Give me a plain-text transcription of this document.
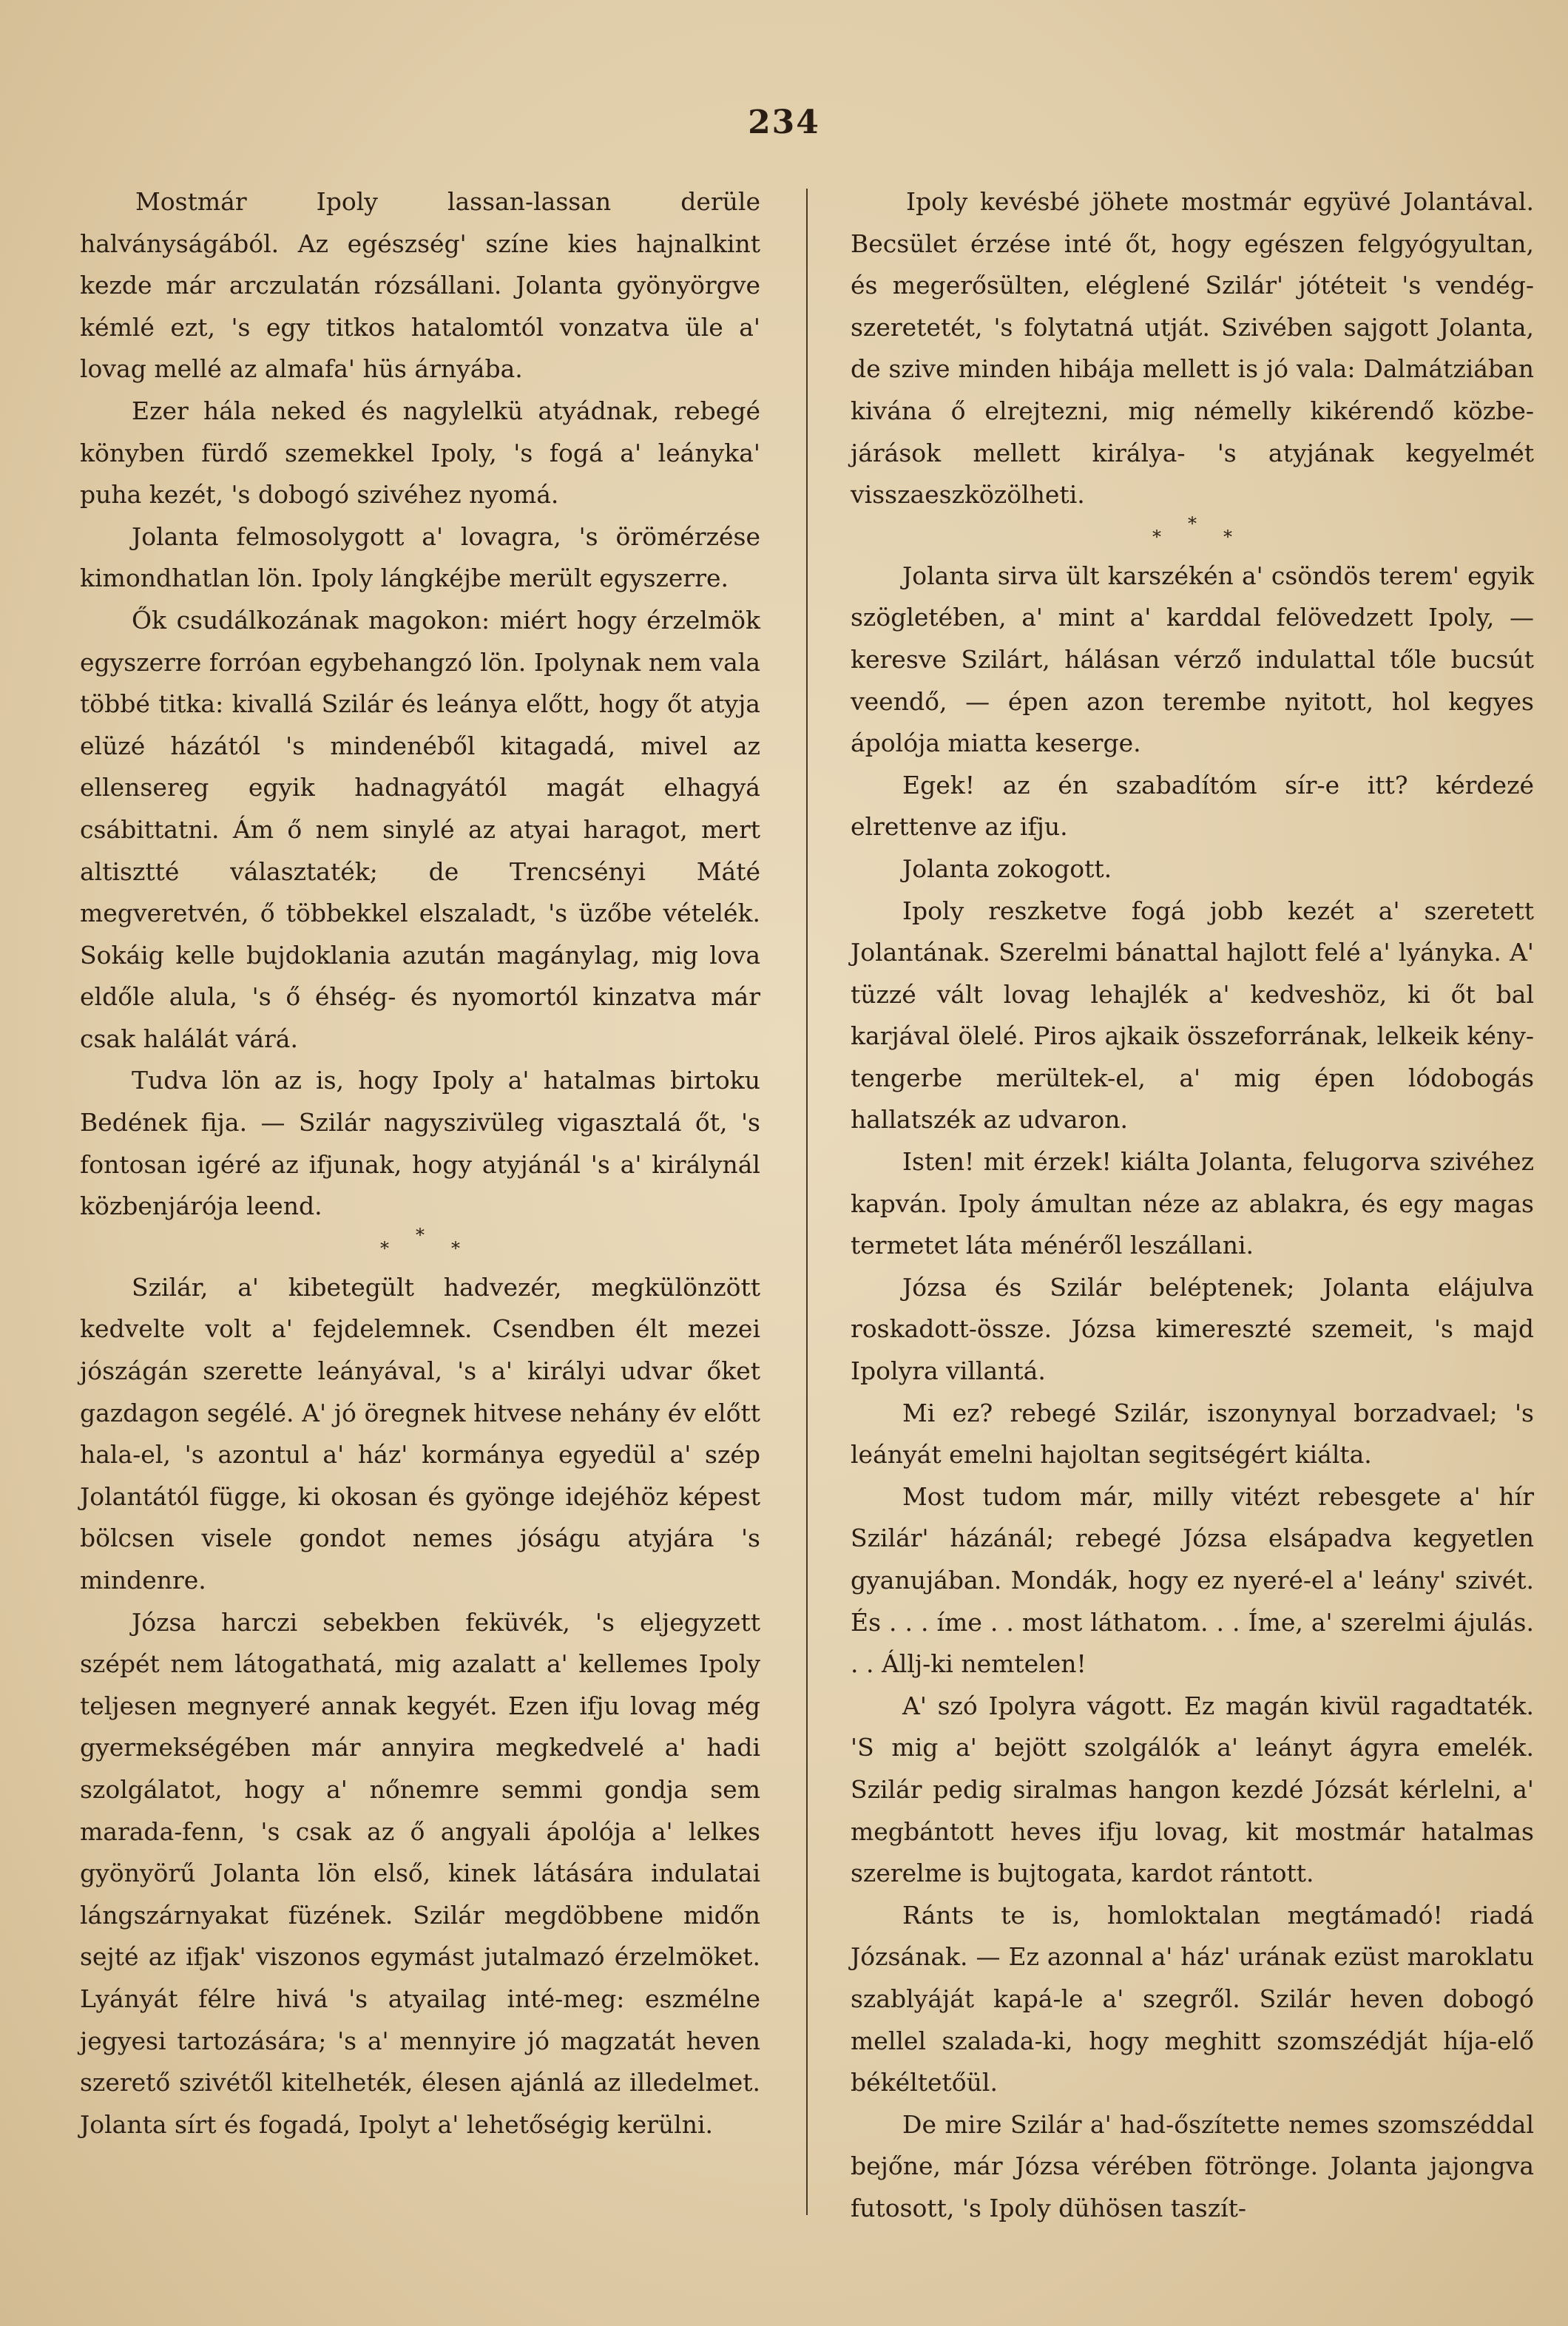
234

Mostmár Ipoly lassan-lassan derüle halványságából. Az egészség' színe kies hajnalkint kezde már arczulatán rózsállani. Jolanta gyönyörgve kémlé ezt, 's egy titkos hatalomtól vonzatva üle a' lovag mellé az almafa' hüs árnyába.

Ezer hála neked és nagylelkü atyádnak, rebegé könyben fürdő szemekkel Ipoly, 's fogá a' leányka' puha kezét, 's dobogó szivéhez nyomá.

Jolanta felmosolygott a' lovagra, 's örömérzése kimondhatlan lön. Ipoly lángkéjbe merült egyszerre.

Ők csudálkozának magokon: miért hogy érzelmök egyszerre forróan egybehangzó lön. Ipolynak nem vala többé titka: kivallá Szilár és leánya előtt, hogy őt atyja elüzé házától 's mindenéből kitagadá, mivel az ellensereg egyik hadnagyától magát elhagyá csábittatni. Ám ő nem sinylé az atyai haragot, mert altisztté választaték; de Trencsényi Máté megveretvén, ő többekkel elszaladt, 's üzőbe vételék. Sokáig kelle bujdoklania azután magánylag, mig lova eldőle alula, 's ő éhség- és nyomortól kinzatva már csak halálát várá.

Tudva lön az is, hogy Ipoly a' hatalmas birtoku Bedének fija. — Szilár nagyszivüleg vigasztalá őt, 's fontosan igéré az ifjunak, hogy atyjánál 's a' királynál közbenjárója leend.

***

Szilár, a' kibetegült hadvezér, megkülönzött kedvelte volt a' fejdelemnek. Csendben élt mezei jószágán szerette leányával, 's a' királyi udvar őket gazdagon segélé. A' jó öregnek hitvese nehány év előtt hala-el, 's azontul a' ház' kormánya egyedül a' szép Jolantától függe, ki okosan és gyönge idejéhöz képest bölcsen visele gondot nemes jóságu atyjára 's mindenre.

Józsa harczi sebekben feküvék, 's eljegyzett szépét nem látogathatá, mig azalatt a' kellemes Ipoly teljesen megnyeré annak kegyét. Ezen ifju lovag még gyermekségében már annyira megkedvelé a' hadi szolgálatot, hogy a' nőnemre semmi gondja sem marada-fenn, 's csak az ő angyali ápolója a' lelkes gyönyörű Jolanta lön első, kinek látására indulatai lángszárnyakat füzének. Szilár megdöbbene midőn sejté az ifjak' viszonos egymást jutalmazó érzelmöket. Lyányát félre hivá 's atyailag inté-meg: eszmélne jegyesi tartozására; 's a' mennyire jó magzatát heven szerető szivétől kitelheték, élesen ajánlá az illedelmet. Jolanta sírt és fogadá, Ipolyt a' lehetőségig kerülni.

Ipoly kevésbé jöhete mostmár együvé Jolantával. Becsület érzése inté őt, hogy egészen felgyógyultan, és megerősülten, eléglené Szilár' jótéteit 's vendég-szeretetét, 's folytatná utját. Szivében sajgott Jolanta, de szive minden hibája mellett is jó vala: Dalmátziában kivána ő elrejtezni, mig némelly kikérendő közbe-járások mellett királya- 's atyjának kegyelmét visszaeszközölheti.

***

Jolanta sirva ült karszékén a' csöndös terem' egyik szögletében, a' mint a' karddal felövedzett Ipoly, — keresve Szilárt, hálásan vérző indulattal tőle bucsút veendő, — épen azon terembe nyitott, hol kegyes ápolója miatta keserge.

Egek! az én szabadítóm sír-e itt? kérdezé elrettenve az ifju.

Jolanta zokogott.

Ipoly reszketve fogá jobb kezét a' szeretett Jolantának. Szerelmi bánattal hajlott felé a' lyányka. A' tüzzé vált lovag lehajlék a' kedveshöz, ki őt bal karjával ölelé. Piros ajkaik összeforrának, lelkeik kény-tengerbe merültek-el, a' mig épen lódobogás hallatszék az udvaron.

Isten! mit érzek! kiálta Jolanta, felugorva szivéhez kapván. Ipoly ámultan néze az ablakra, és egy magas termetet láta ménéről leszállani.

Józsa és Szilár beléptenek; Jolanta elájulva roskadott-össze. Józsa kimereszté szemeit, 's majd Ipolyra villantá.

Mi ez? rebegé Szilár, iszonynyal borzadvael; 's leányát emelni hajoltan segitségért kiálta.

Most tudom már, milly vitézt rebesgete a' hír Szilár' házánál; rebegé Józsa elsápadva kegyetlen gyanujában. Mondák, hogy ez nyeré-el a' leány' szivét. És . . . íme . . most láthatom. . . Íme, a' szerelmi ájulás. . . Állj-ki nemtelen!

A' szó Ipolyra vágott. Ez magán kivül ragadtaték. 'S mig a' bejött szolgálók a' leányt ágyra emelék. Szilár pedig siralmas hangon kezdé Józsát kérlelni, a' megbántott heves ifju lovag, kit mostmár hatalmas szerelme is bujtogata, kardot rántott.

Ránts te is, homloktalan megtámadó! riadá Józsának. — Ez azonnal a' ház' urának ezüst maroklatu szablyáját kapá-le a' szegről. Szilár heven dobogó mellel szalada-ki, hogy meghitt szomszédját híja-elő békéltetőül.

De mire Szilár a' had-őszítette nemes szomszéddal bejőne, már Józsa vérében fötrönge. Jolanta jajongva futosott, 's Ipoly dühösen taszít-
